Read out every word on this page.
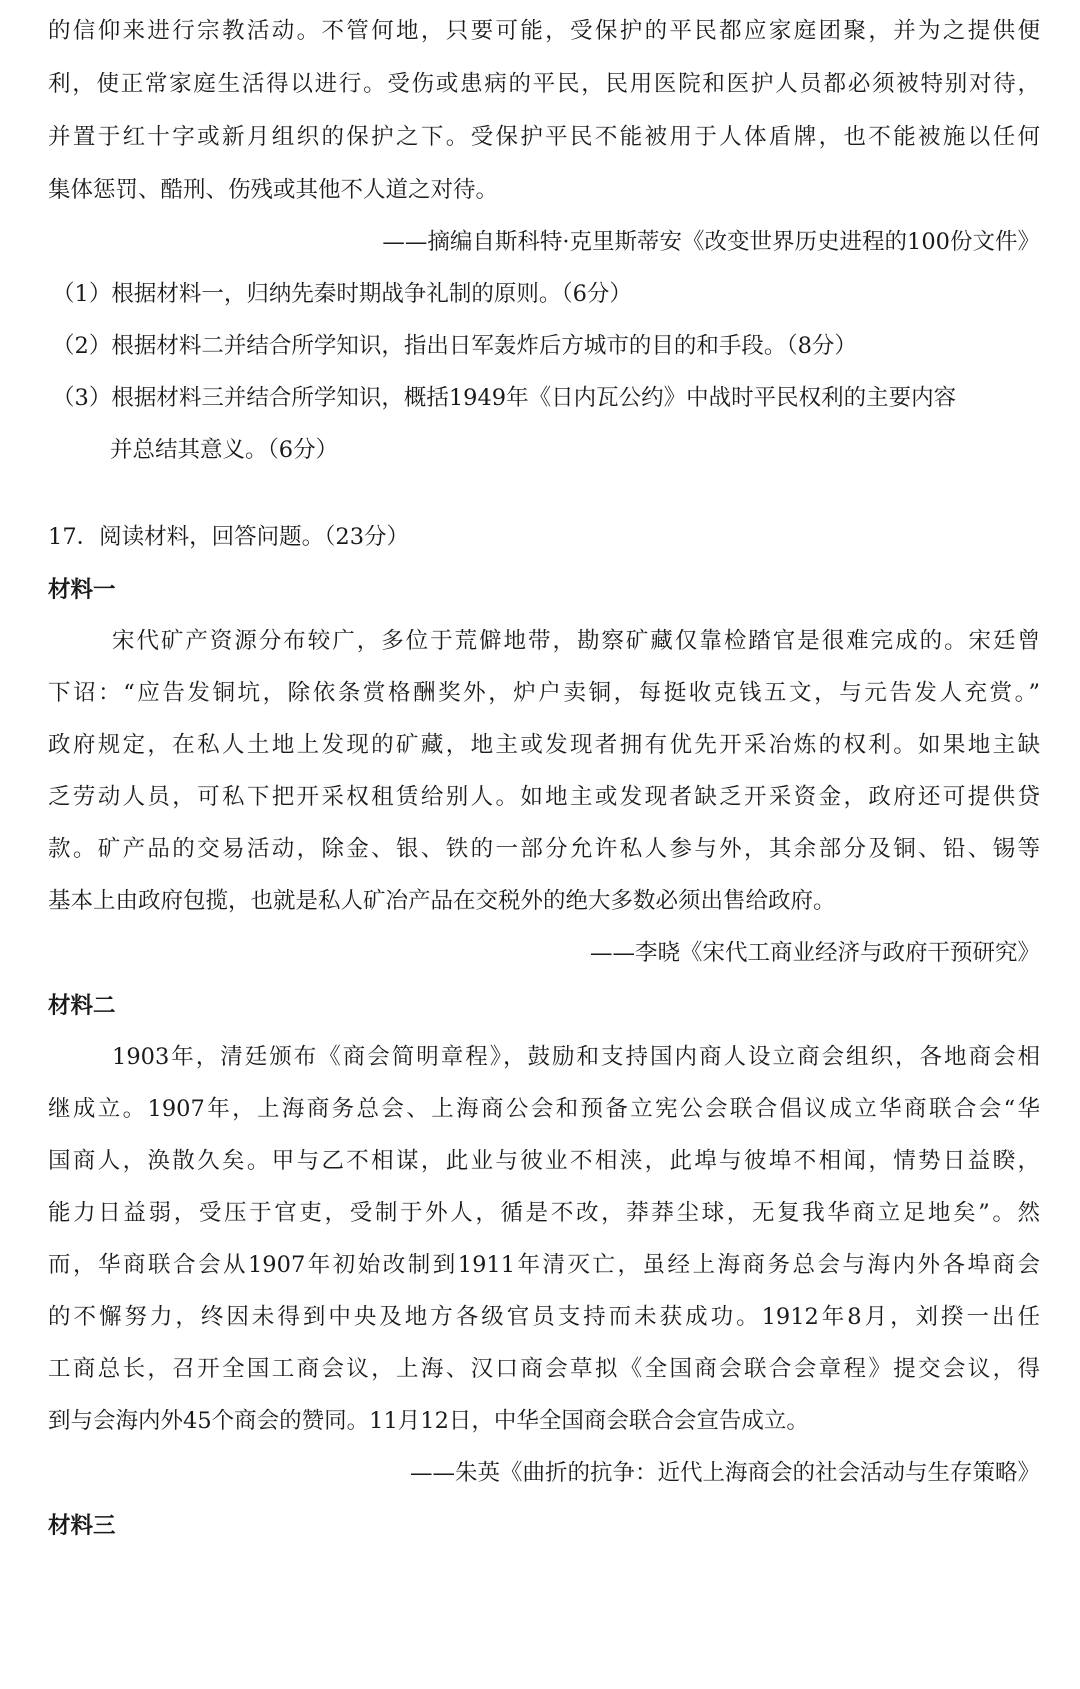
的信仰来进行宗教活动。不管何地，只要可能，受保护的平民都应家庭团聚，并为之提供便
利，使正常家庭生活得以进行。受伤或患病的平民，民用医院和医护人员都必须被特别对待，
并置于红十字或新月组织的保护之下。受保护平民不能被用于人体盾牌，也不能被施以任何
集体惩罚、酷刑、伤残或其他不人道之对待。
——摘编自斯科特·克里斯蒂安《改变世界历史进程的100份文件》
（1）根据材料一，归纳先秦时期战争礼制的原则。（6分）
（2）根据材料二并结合所学知识，指出日军轰炸后方城市的目的和手段。（8分）
（3）根据材料三并结合所学知识，概括1949年《日内瓦公约》中战时平民权利的主要内容
并总结其意义。（6分）
17．阅读材料，回答问题。（23分）
材料一
宋代矿产资源分布较广，多位于荒僻地带，勘察矿藏仅靠检踏官是很难完成的。宋廷曾
下诏：“应告发铜坑，除依条赏格酬奖外，炉户卖铜，每挺收克钱五文，与元告发人充赏。”
政府规定，在私人土地上发现的矿藏，地主或发现者拥有优先开采冶炼的权利。如果地主缺
乏劳动人员，可私下把开采权租赁给别人。如地主或发现者缺乏开采资金，政府还可提供贷
款。矿产品的交易活动，除金、银、铁的一部分允许私人参与外，其余部分及铜、铅、锡等
基本上由政府包揽，也就是私人矿冶产品在交税外的绝大多数必须出售给政府。
——李晓《宋代工商业经济与政府干预研究》
材料二
1903年，清廷颁布《商会简明章程》，鼓励和支持国内商人设立商会组织，各地商会相
继成立。1907年，上海商务总会、上海商公会和预备立宪公会联合倡议成立华商联合会“华
国商人，涣散久矣。甲与乙不相谋，此业与彼业不相浃，此埠与彼埠不相闻，情势日益睽，
能力日益弱，受压于官吏，受制于外人，循是不改，莽莽尘球，无复我华商立足地矣”。然
而，华商联合会从1907年初始改制到1911年清灭亡，虽经上海商务总会与海内外各埠商会
的不懈努力，终因未得到中央及地方各级官员支持而未获成功。1912年8月，刘揆一出任
工商总长，召开全国工商会议，上海、汉口商会草拟《全国商会联合会章程》提交会议，得
到与会海内外45个商会的赞同。11月12日，中华全国商会联合会宣告成立。
——朱英《曲折的抗争：近代上海商会的社会活动与生存策略》
材料三
